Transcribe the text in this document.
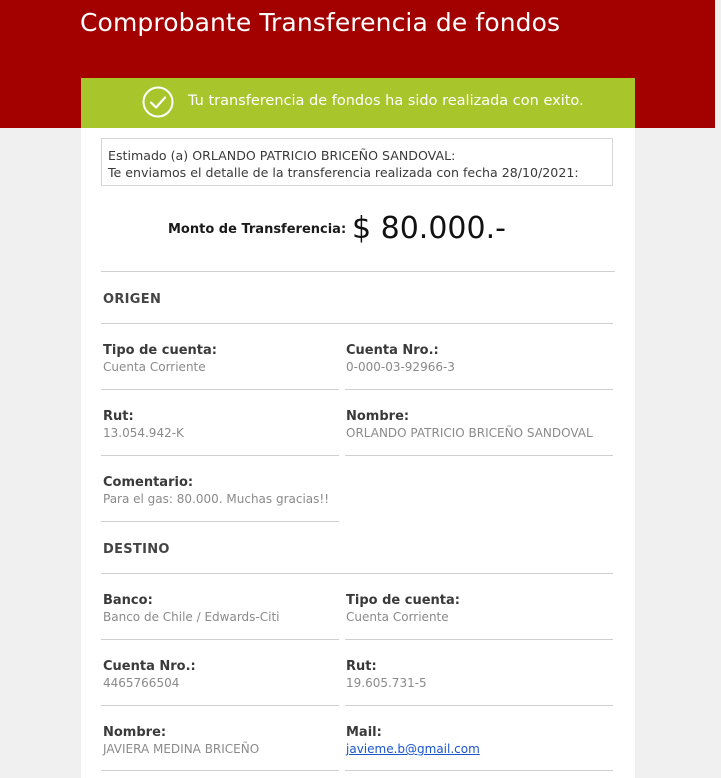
Comprobante Transferencia de fondos
Tu transferencia de fondos ha sido realizada con exito.
Estimado (a) ORLANDO PATRICIO BRICEÑO SANDOVAL:
Te enviamos el detalle de la transferencia realizada con fecha 28/10/2021:
Monto de Transferencia: $ 80.000.-
ORIGEN
Tipo de cuenta:
Cuenta Corriente
Cuenta Nro.:
0-000-03-92966-3
Rut:
13.054.942-K
Nombre:
ORLANDO PATRICIO BRICEÑO SANDOVAL
Comentario:
Para el gas: 80.000. Muchas gracias!!
DESTINO
Banco:
Banco de Chile / Edwards-Citi
Tipo de cuenta:
Cuenta Corriente
Cuenta Nro.:
4465766504
Rut:
19.605.731-5
Nombre:
JAVIERA MEDINA BRICEÑO
Mail:
javieme.b@gmail.com
